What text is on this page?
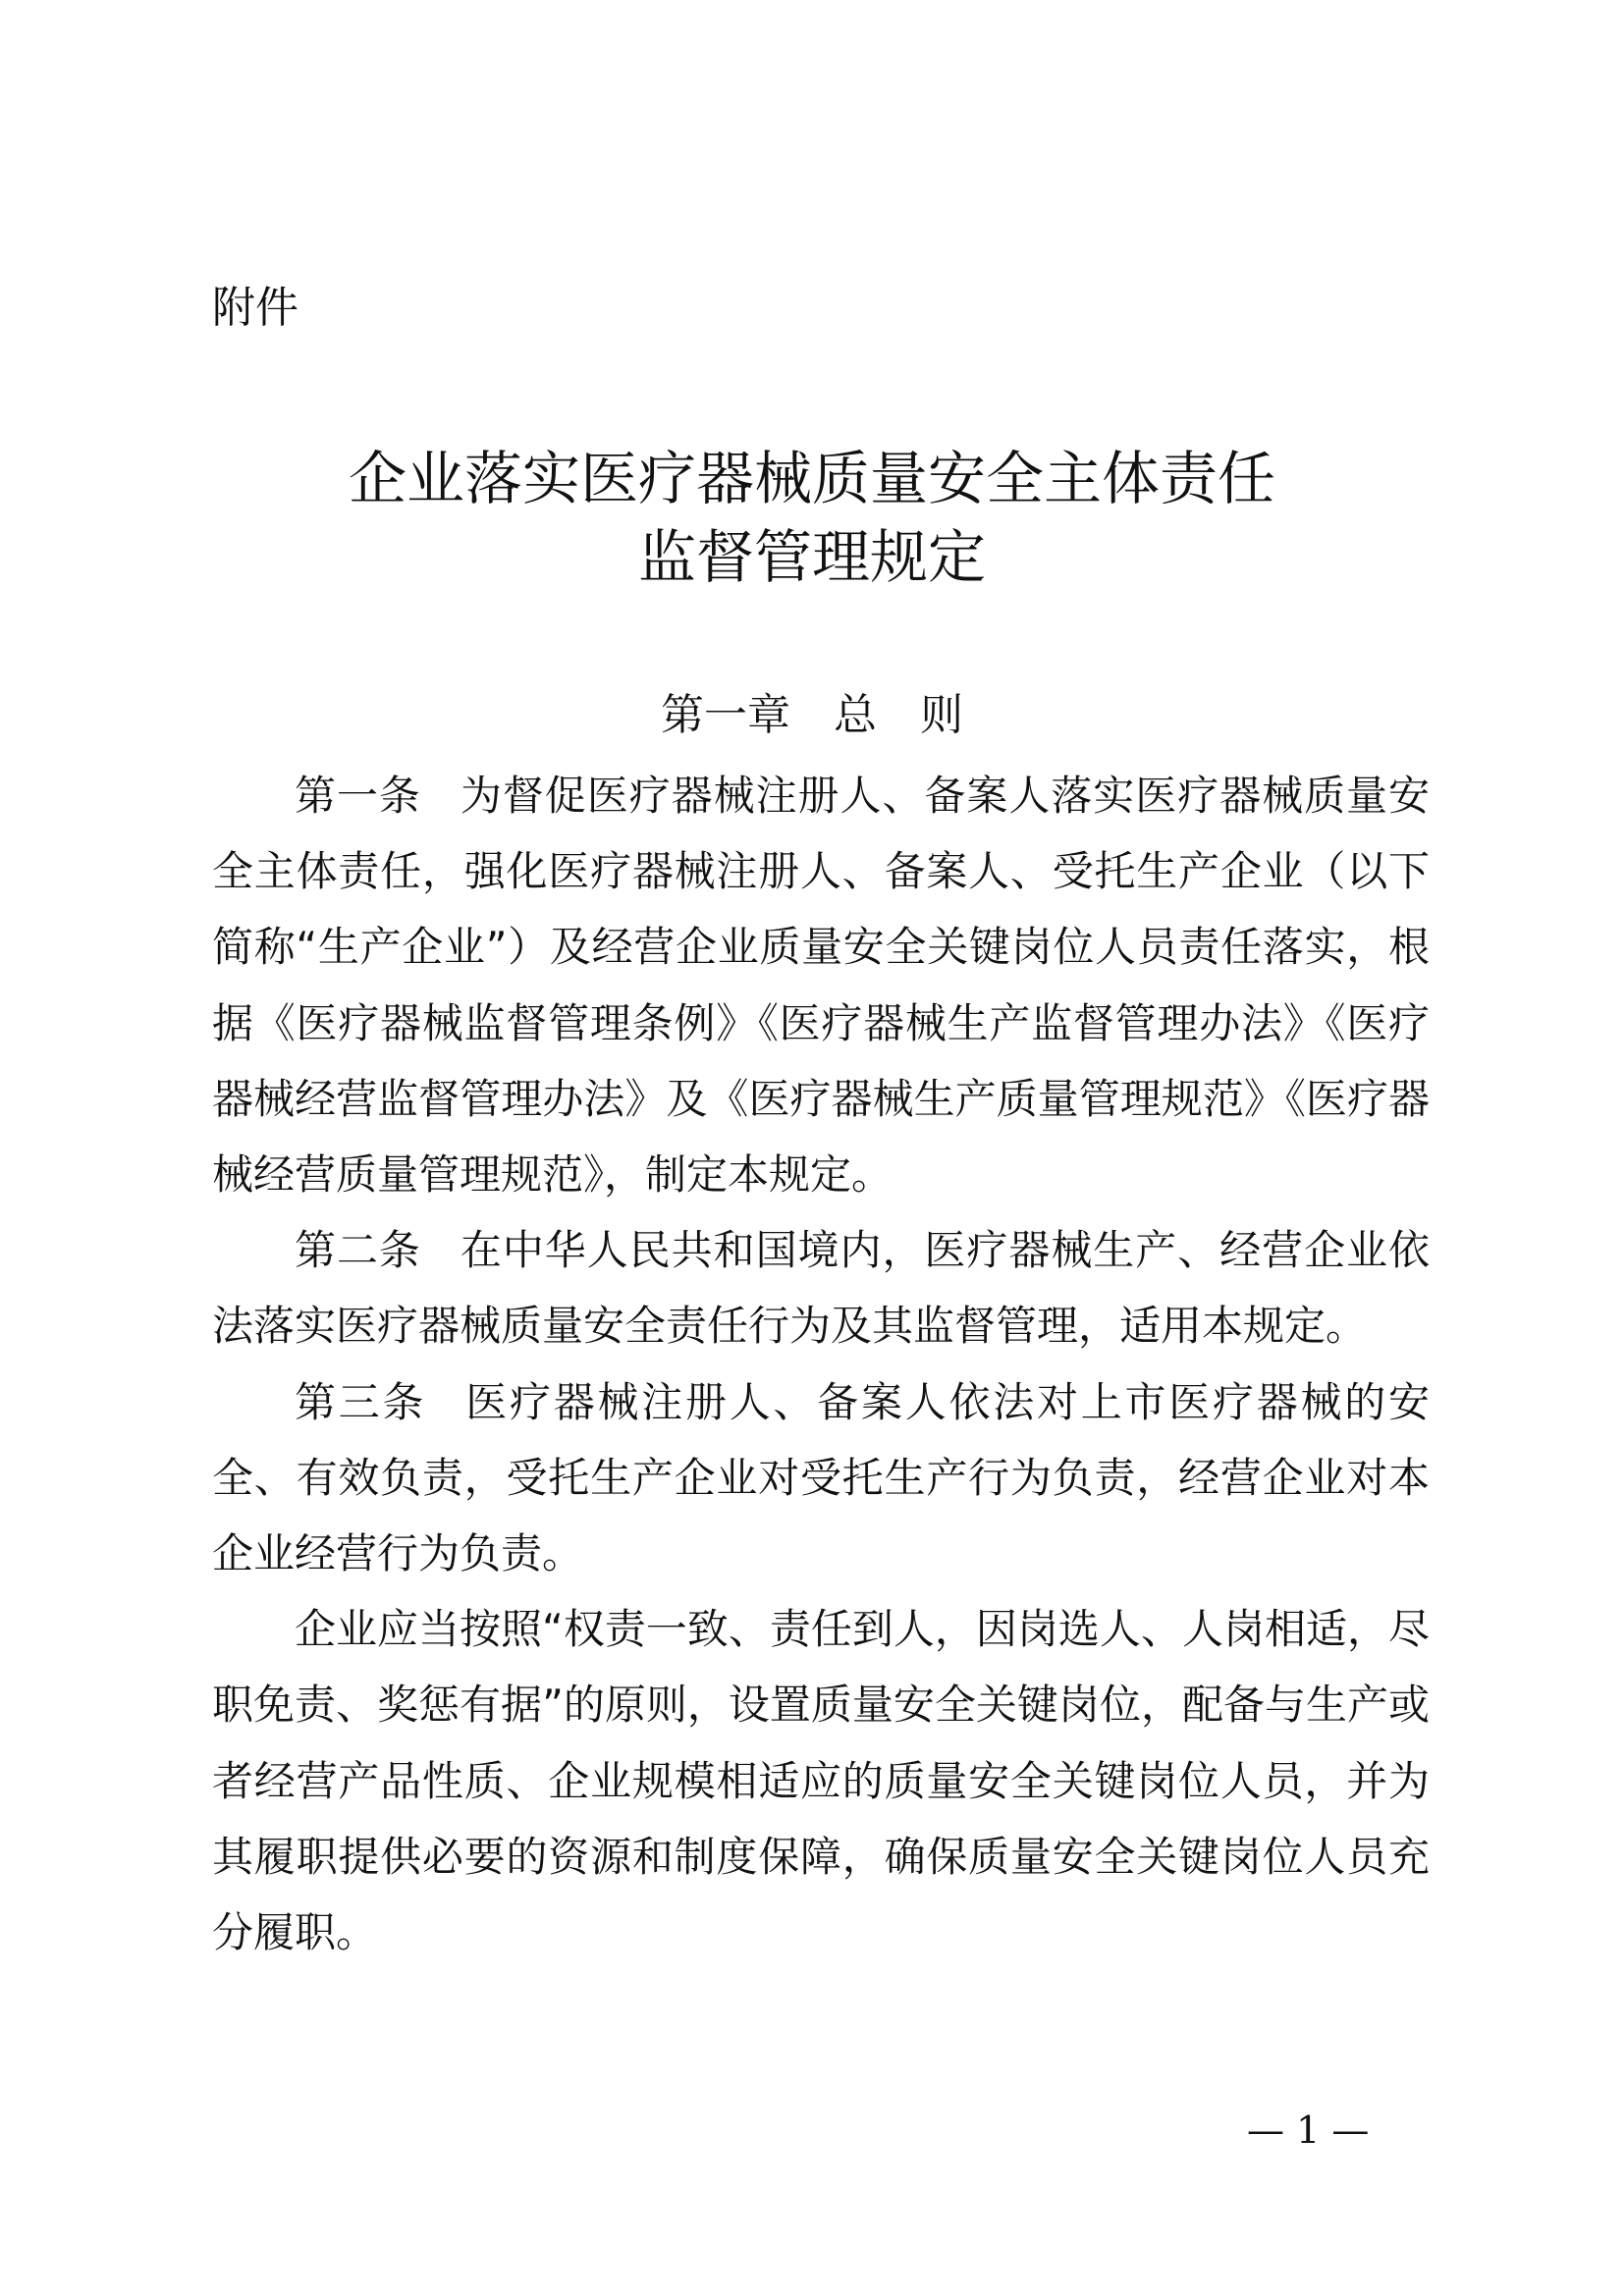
附件
企业落实医疗器械质量安全主体责任
监督管理规定
第一章　总　则

第一条 为督促医疗器械注册人、备案人落实医疗器械质量安全主体责任，强化医疗器械注册人、备案人、受托生产企业（以下简称“生产企业”）及经营企业质量安全关键岗位人员责任落实，根据《医疗器械监督管理条例》《医疗器械生产监督管理办法》《医疗器械经营监督管理办法》及《医疗器械生产质量管理规范》《医疗器械经营质量管理规范》，制定本规定。

第二条 在中华人民共和国境内，医疗器械生产、经营企业依法落实医疗器械质量安全责任行为及其监督管理，适用本规定。

第三条 医疗器械注册人、备案人依法对上市医疗器械的安全、有效负责，受托生产企业对受托生产行为负责，经营企业对本企业经营行为负责。

企业应当按照“权责一致、责任到人，因岗选人、人岗相适，尽职免责、奖惩有据”的原则，设置质量安全关键岗位，配备与生产或者经营产品性质、企业规模相适应的质量安全关键岗位人员，并为其履职提供必要的资源和制度保障，确保质量安全关键岗位人员充分履职。

— 1 —
